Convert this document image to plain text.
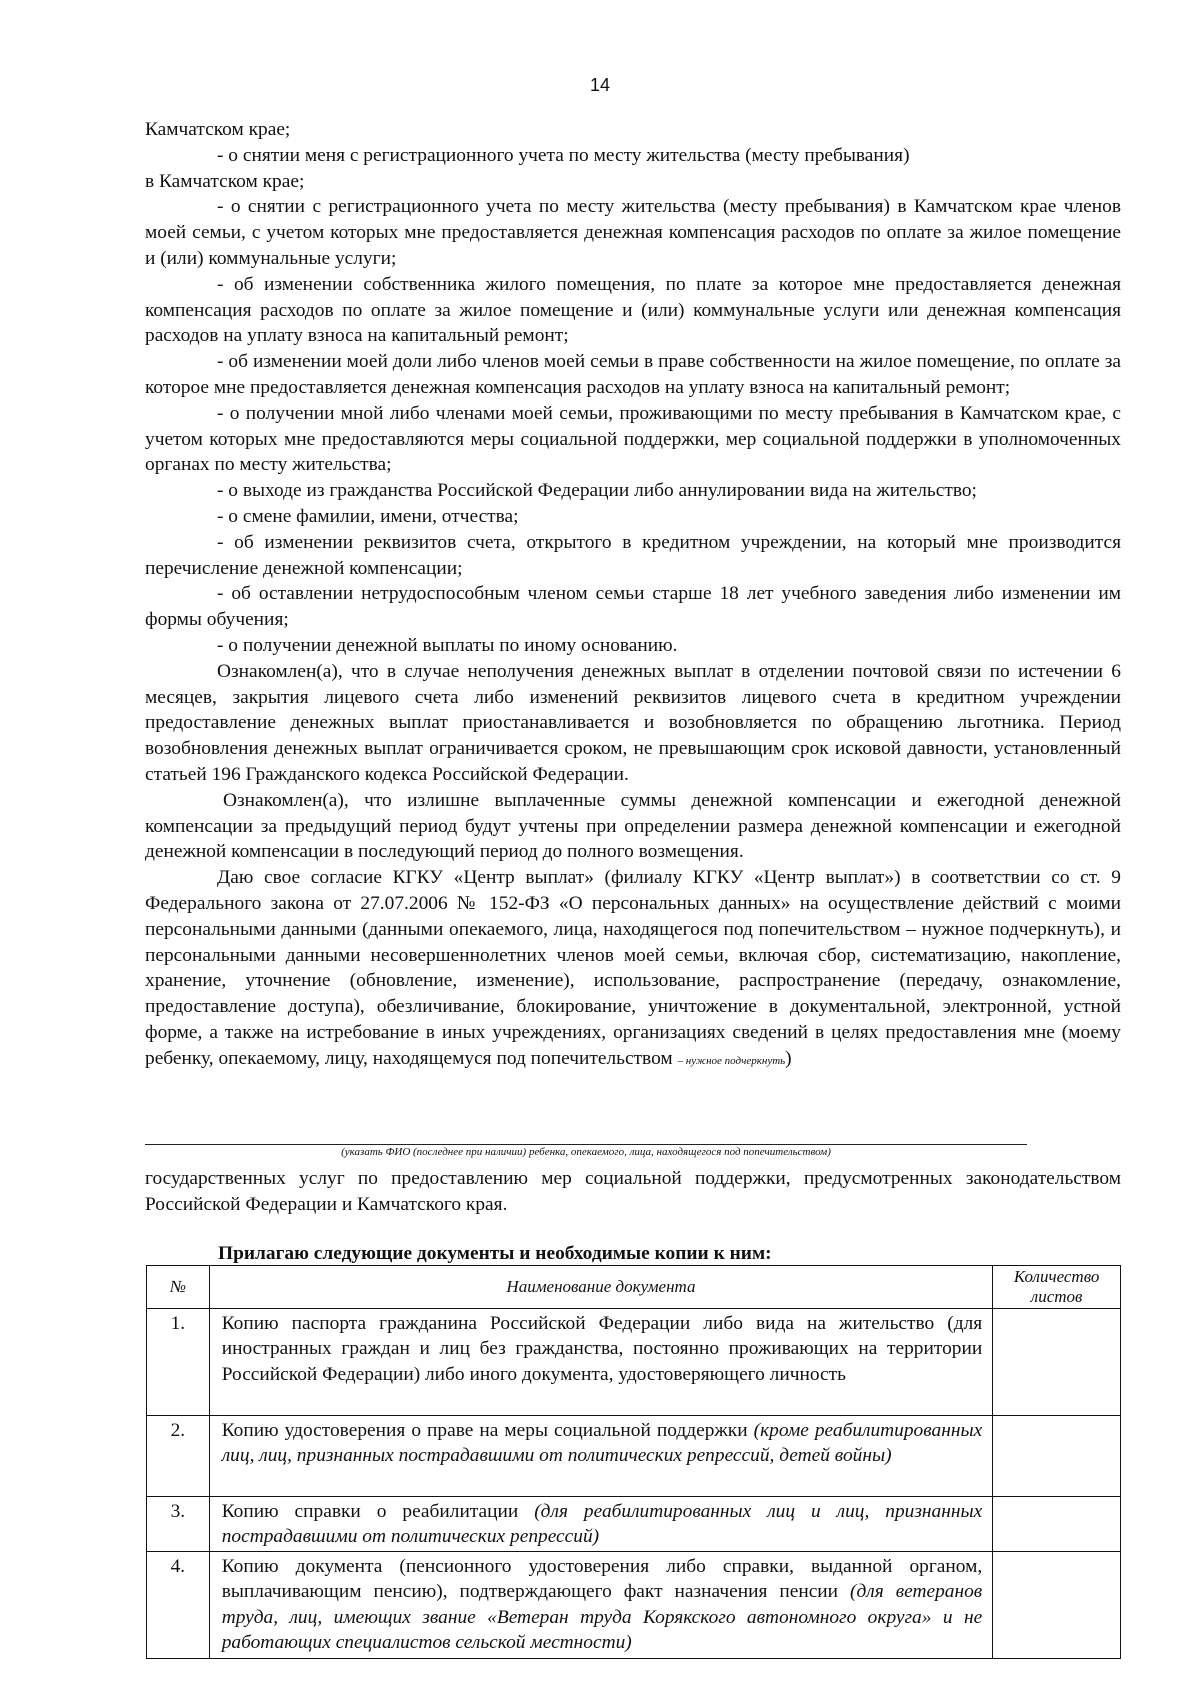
14

Камчатском крае;

- о снятии меня с регистрационного учета по месту жительства (месту пребывания)

в Камчатском крае;

- о снятии с регистрационного учета по месту жительства (месту пребывания) в Камчатском крае членов моей семьи, с учетом которых мне предоставляется денежная компенсация расходов по оплате за жилое помещение и (или) коммунальные услуги;

- об изменении собственника жилого помещения, по плате за которое мне предоставляется денежная компенсация расходов по оплате за жилое помещение и (или) коммунальные услуги или денежная компенсация расходов на уплату взноса на капитальный ремонт;

- об изменении моей доли либо членов моей семьи в праве собственности на жилое помещение, по оплате за которое мне предоставляется денежная компенсация расходов на уплату взноса на капитальный ремонт;

- о получении мной либо членами моей семьи, проживающими по месту пребывания в Камчатском крае, с учетом которых мне предоставляются меры социальной поддержки, мер социальной поддержки в уполномоченных органах по месту жительства;

- о выходе из гражданства Российской Федерации либо аннулировании вида на жительство;

- о смене фамилии, имени, отчества;

- об изменении реквизитов счета, открытого в кредитном учреждении, на который мне производится перечисление денежной компенсации;

- об оставлении нетрудоспособным членом семьи старше 18 лет учебного заведения либо изменении им формы обучения;

- о получении денежной выплаты по иному основанию.

Ознакомлен(а), что в случае неполучения денежных выплат в отделении почтовой связи по истечении 6 месяцев, закрытия лицевого счета либо изменений реквизитов лицевого счета в кредитном учреждении предоставление денежных выплат приостанавливается и возобновляется по обращению льготника. Период возобновления денежных выплат ограничивается сроком, не превышающим срок исковой давности, установленный статьей 196 Гражданского кодекса Российской Федерации.

Ознакомлен(а), что излишне выплаченные суммы денежной компенсации и ежегодной денежной компенсации за предыдущий период будут учтены при определении размера денежной компенсации и ежегодной денежной компенсации в последующий период до полного возмещения.

Даю свое согласие КГКУ «Центр выплат» (филиалу КГКУ «Центр выплат») в соответствии со ст. 9 Федерального закона от 27.07.2006 № 152-ФЗ «О персональных данных» на осуществление действий с моими персональными данными (данными опекаемого, лица, находящегося под попечительством – нужное подчеркнуть), и персональными данными несовершеннолетних членов моей семьи, включая сбор, систематизацию, накопление, хранение, уточнение (обновление, изменение), использование, распространение (передачу, ознакомление, предоставление доступа), обезличивание, блокирование, уничтожение в документальной, электронной, устной форме, а также на истребование в иных учреждениях, организациях сведений в целях предоставления мне (моему ребенку, опекаемому, лицу, находящемуся под попечительством – нужное подчеркнуть)

(указать ФИО (последнее при наличии) ребенка, опекаемого, лица, находящегося под попечительством)

государственных услуг по предоставлению мер социальной поддержки, предусмотренных законодательством Российской Федерации и Камчатского края.

Прилагаю следующие документы и необходимые копии к ним:
№	Наименование документа	Количество листов
1.	Копию паспорта гражданина Российской Федерации либо вида на жительство (для иностранных граждан и лиц без гражданства, постоянно проживающих на территории Российской Федерации) либо иного документа, удостоверяющего личность	
2.	Копию удостоверения о праве на меры социальной поддержки (кроме реабилитированных лиц, лиц, признанных пострадавшими от политических репрессий, детей войны)	
3.	Копию справки о реабилитации (для реабилитированных лиц и лиц, признанных пострадавшими от политических репрессий)	
4.	Копию документа (пенсионного удостоверения либо справки, выданной органом, выплачивающим пенсию), подтверждающего факт назначения пенсии (для ветеранов труда, лиц, имеющих звание «Ветеран труда Корякского автономного округа» и не работающих специалистов сельской местности)	
